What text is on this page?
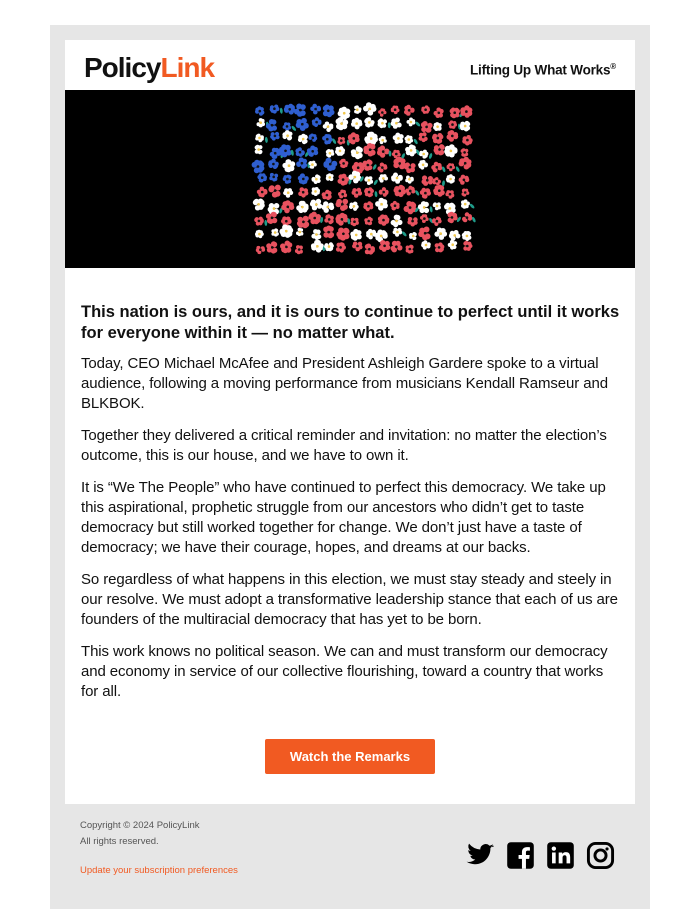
PolicyLink	Lifting Up What Works®

This nation is ours, and it is ours to continue to perfect until it works for everyone within it — no matter what.

Today, CEO Michael McAfee and President Ashleigh Gardere spoke to a virtual audience, following a moving performance from musicians Kendall Ramseur and BLKBOK.

Together they delivered a critical reminder and invitation: no matter the election’s outcome, this is our house, and we have to own it.

It is “We The People” who have continued to perfect this democracy. We take up this aspirational, prophetic struggle from our ancestors who didn’t get to taste democracy but still worked together for change. We don’t just have a taste of democracy; we have their courage, hopes, and dreams at our backs.

So regardless of what happens in this election, we must stay steady and steely in our resolve. We must adopt a transformative leadership stance that each of us are founders of the multiracial democracy that has yet to be born.

This work knows no political season. We can and must transform our democracy and economy in service of our collective flourishing, toward a country that works for all.

Watch the Remarks
Copyright © 2024 PolicyLink
All rights reserved.
Update your subscription preferences
